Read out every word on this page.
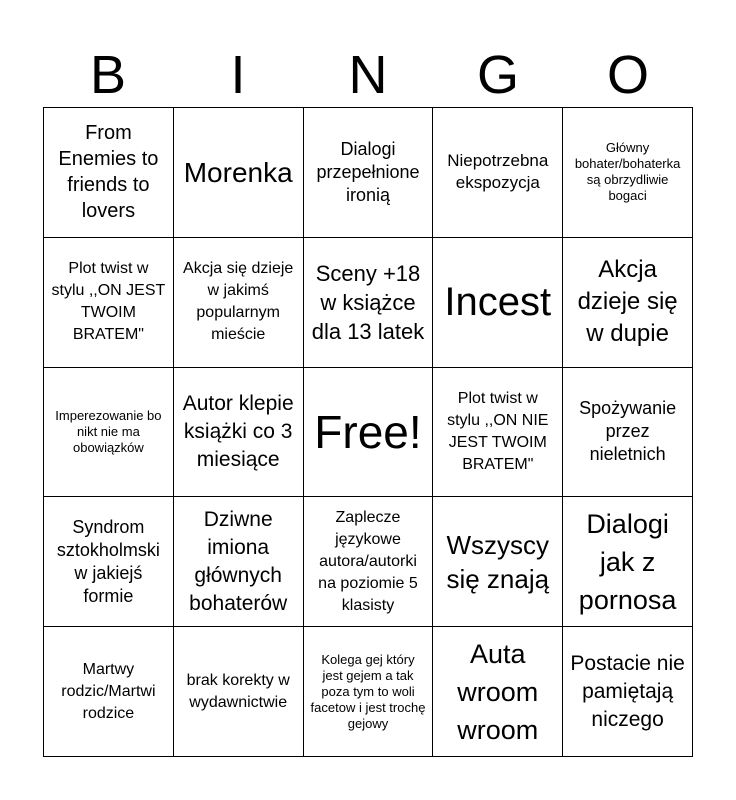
B	I	N	G	O
From Enemies to friends to lovers
Morenka
Dialogi przepełnione ironią
Niepotrzebna ekspozycja
Główny bohater/bohaterka są obrzydliwie bogaci
Plot twist w stylu ,,ON JEST TWOIM BRATEM"
Akcja się dzieje w jakimś popularnym mieście
Sceny +18 w książce dla 13 latek
Incest
Akcja dzieje się w dupie
Imperezowanie bo nikt nie ma obowiązków
Autor klepie książki co 3 miesiące
Free!
Plot twist w stylu ,,ON NIE JEST TWOIM BRATEM"
Spożywanie przez nieletnich
Syndrom sztokholmski w jakiejś formie
Dziwne imiona głównych bohaterów
Zaplecze językowe autora/autorki na poziomie 5 klasisty
Wszyscy się znają
Dialogi jak z pornosa
Martwy rodzic/Martwi rodzice
brak korekty w wydawnictwie
Kolega gej który jest gejem a tak poza tym to woli facetow i jest trochę gejowy
Auta wroom wroom
Postacie nie pamiętają niczego
